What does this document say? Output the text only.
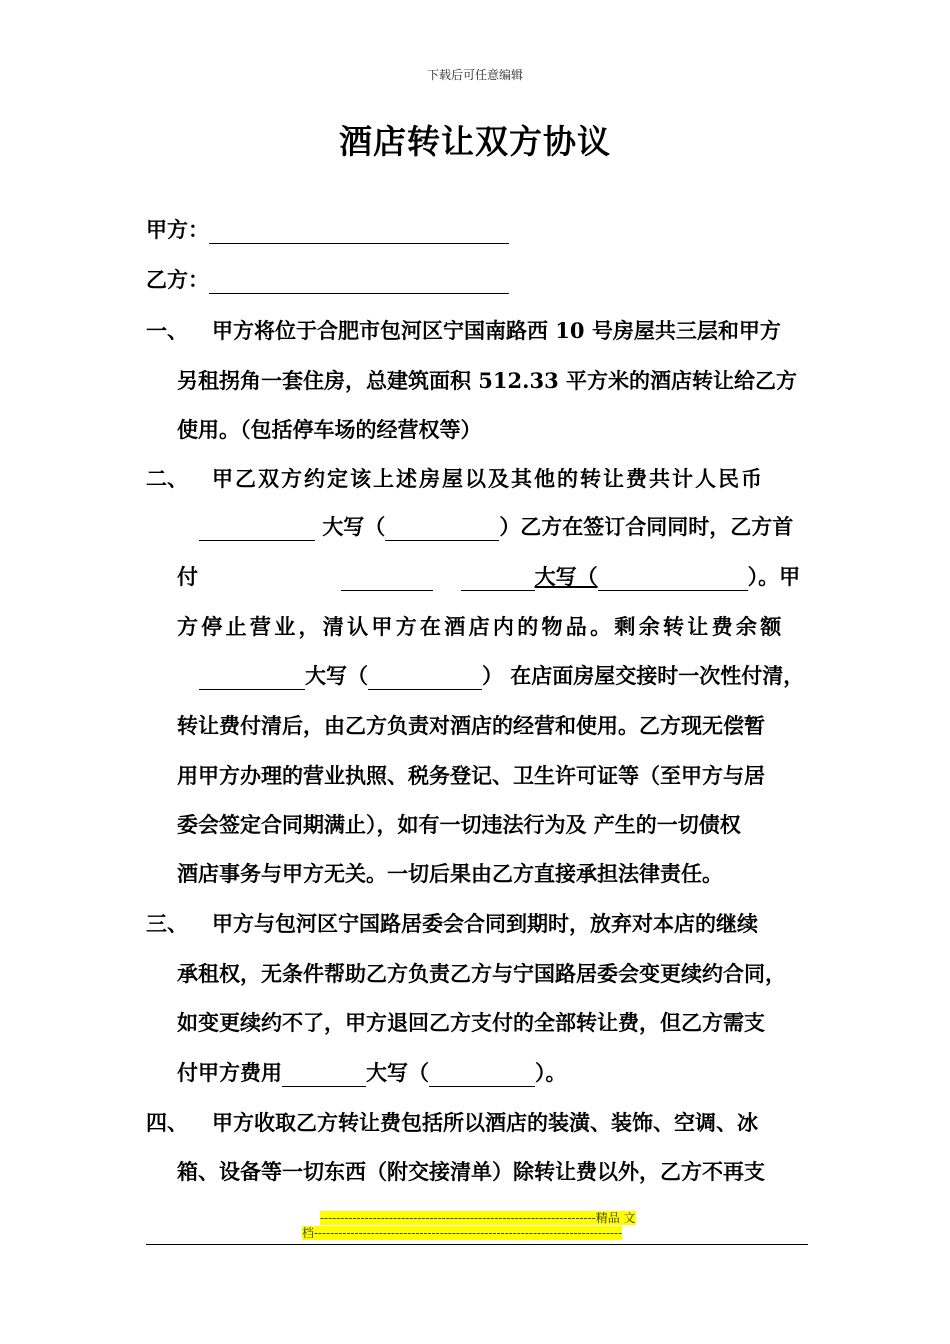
下载后可任意编辑
酒店转让双方协议
甲方：
乙方：
一、 甲方将位于合肥市包河区宁国南路西 10 号房屋共三层和甲方
另租拐角一套住房，总建筑面积 512.33 平方米的酒店转让给乙方
使用。（包括停车场的经营权等）
二、 甲乙双方约定该上述房屋以及其他的转让费共计人民币
大写（	）乙方在签订合同同时，乙方首
付	大写（	）。甲
方停止营业，清认甲方在酒店内的物品。剩余转让费余额
大写（	） 在店面房屋交接时一次性付清，
转让费付清后，由乙方负责对酒店的经营和使用。乙方现无偿暂
用甲方办理的营业执照、税务登记、卫生许可证等（至甲方与居
委会签定合同期满止），如有一切违法行为及 产生的一切债权
酒店事务与甲方无关。一切后果由乙方直接承担法律责任。
三、 甲方与包河区宁国路居委会合同到期时，放弃对本店的继续
承租权，无条件帮助乙方负责乙方与宁国路居委会变更续约合同，
如变更续约不了，甲方退回乙方支付的全部转让费，但乙方需支
付甲方费用	大写（	）。
四、 甲方收取乙方转让费包括所以酒店的装潢、装饰、空调、冰
箱、设备等一切东西（附交接清单）除转让费以外，乙方不再支
--------------------------------------------------------------------精品 文
档----------------------------------------------------------------------------
